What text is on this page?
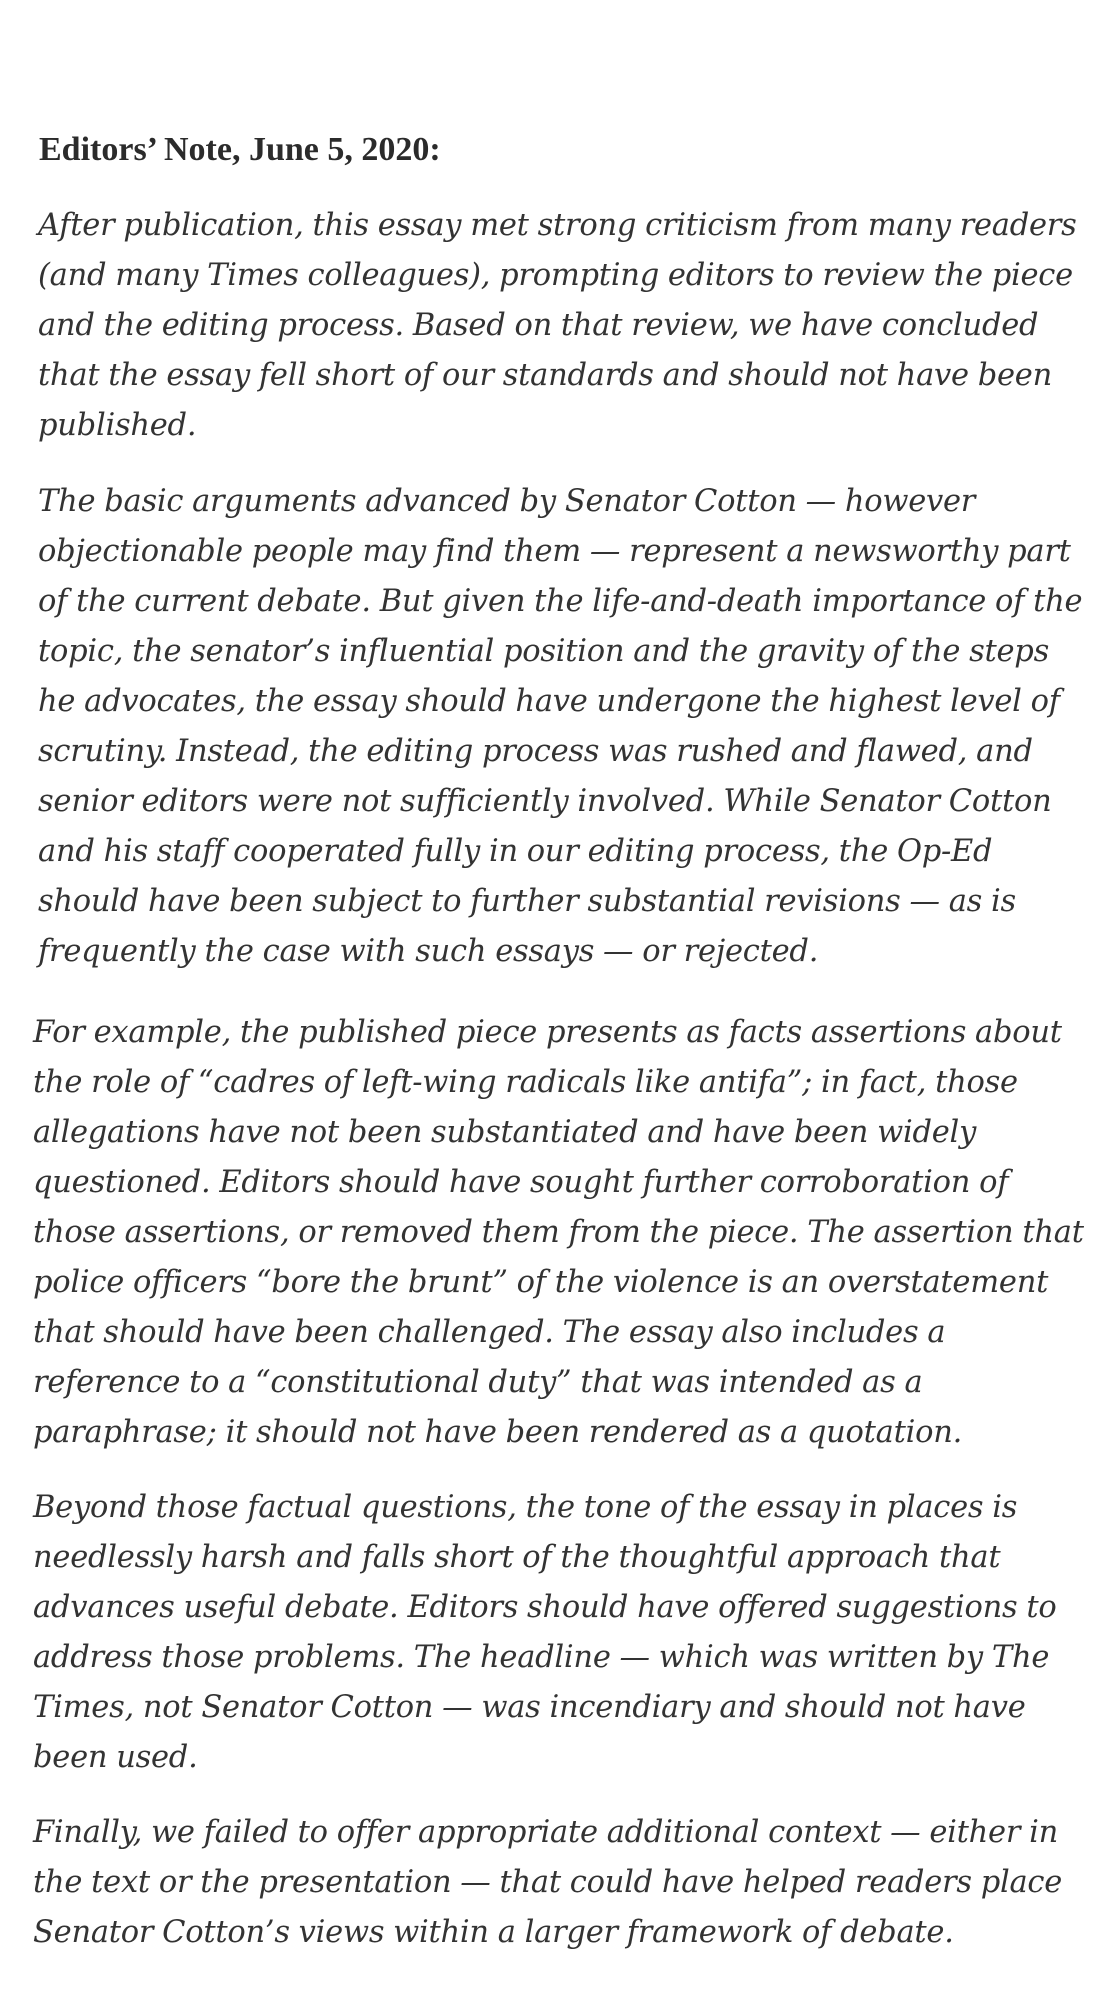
Editors’ Note, June 5, 2020:

After publication, this essay met strong criticism from many readers
(and many Times colleagues), prompting editors to review the piece
and the editing process. Based on that review, we have concluded
that the essay fell short of our standards and should not have been
published.

The basic arguments advanced by Senator Cotton — however
objectionable people may find them — represent a newsworthy part
of the current debate. But given the life-and-death importance of the
topic, the senator’s influential position and the gravity of the steps
he advocates, the essay should have undergone the highest level of
scrutiny. Instead, the editing process was rushed and flawed, and
senior editors were not sufficiently involved. While Senator Cotton
and his staff cooperated fully in our editing process, the Op-Ed
should have been subject to further substantial revisions — as is
frequently the case with such essays — or rejected.

For example, the published piece presents as facts assertions about
the role of “cadres of left-wing radicals like antifa”; in fact, those
allegations have not been substantiated and have been widely
questioned. Editors should have sought further corroboration of
those assertions, or removed them from the piece. The assertion that
police officers “bore the brunt” of the violence is an overstatement
that should have been challenged. The essay also includes a
reference to a “constitutional duty” that was intended as a
paraphrase; it should not have been rendered as a quotation.

Beyond those factual questions, the tone of the essay in places is
needlessly harsh and falls short of the thoughtful approach that
advances useful debate. Editors should have offered suggestions to
address those problems. The headline — which was written by The
Times, not Senator Cotton — was incendiary and should not have
been used.

Finally, we failed to offer appropriate additional context — either in
the text or the presentation — that could have helped readers place
Senator Cotton’s views within a larger framework of debate.
